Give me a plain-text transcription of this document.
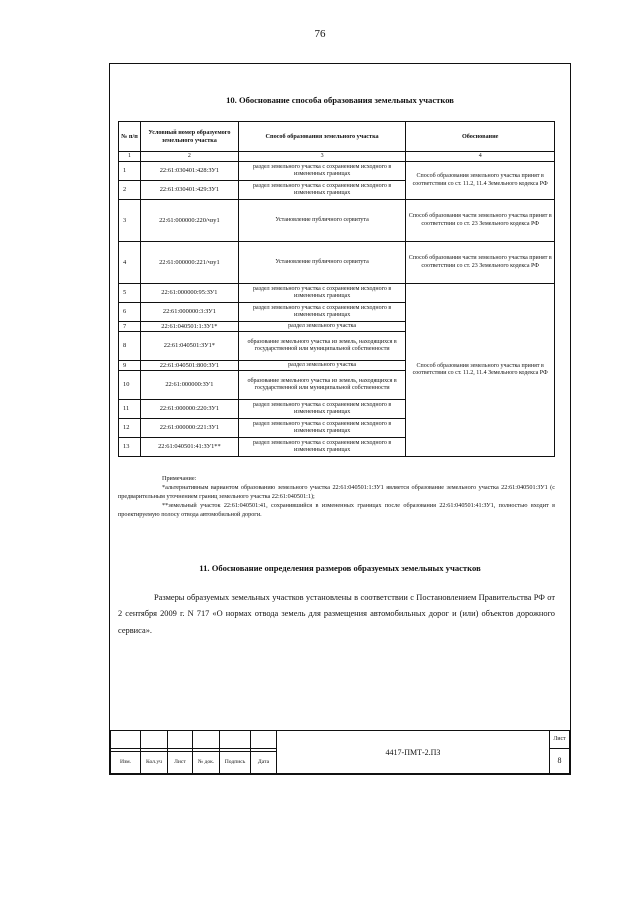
76
10. Обоснование способа образования земельных участков
№ п/п	Условный номер образуемого земельного участка	Способ образования земельного участка	Обоснование
1	2	3	4
1	22:61:030401:428:ЗУ1	раздел земельного участка с сохранением исходного в измененных границах	Способ образования земельного участка принят в соответствии со ст. 11.2, 11.4 Земельного кодекса РФ
2	22:61:030401:429:ЗУ1	раздел земельного участка с сохранением исходного в измененных границах	
3	22:61:000000:220/чзу1	Установление публичного сервитута	Способ образования части земельного участка принят в соответствии со ст. 23 Земельного кодекса РФ
4	22:61:000000:221/чзу1	Установление публичного сервитута	Способ образования части земельного участка принят в соответствии со ст. 23 Земельного кодекса РФ
5	22:61:000000:95:ЗУ1	раздел земельного участка с сохранением исходного в измененных границах	Способ образования земельного участка принят в соответствии со ст. 11.2, 11.4 Земельного кодекса РФ
6	22:61:000000:3:ЗУ1	раздел земельного участка с сохранением исходного в измененных границах	
7	22:61:040501:1:ЗУ1*	раздел земельного участка	
8	22:61:040501:ЗУ1*	образование земельного участка из земель, находящихся в государственной или муниципальной собственности	
9	22:61:040501:800:ЗУ1	раздел земельного участка	
10	22:61:000000:ЗУ1	образование земельного участка из земель, находящихся в государственной или муниципальной собственности	
11	22:61:000000:220:ЗУ1	раздел земельного участка с сохранением исходного в измененных границах	
12	22:61:000000:221:ЗУ1	раздел земельного участка с сохранением исходного в измененных границах	
13	22:61:040501:41:ЗУ1**	раздел земельного участка с сохранением исходного в измененных границах	
Примечание:

*альтернативным вариантом образованию земельного участка 22:61:040501:1:ЗУ1 является образование земельного участка 22:61:040501:ЗУ1 (с предварительным уточнением границ земельного участка 22:61:040501:1);

**земельный участок 22:61:040501:41, сохранившийся в измененных границах после образования 22:61:040501:41:ЗУ1, полностью входит в проектируемую полосу отвода автомобильной дороги.

11. Обоснование определения размеров образуемых земельных участков

Размеры образуемых земельных участков установлены в соответствии с Постановлением Правительства РФ от 2 сентября 2009 г. N 717 «О нормах отвода земель для размещения автомобильных дорог и (или) объектов дорожного сервиса».

						4417-ПМТ-2.ПЗ	Лист
							8
Изм.	Кол.уч	Лист	№ док.	Подпись	Дата		
